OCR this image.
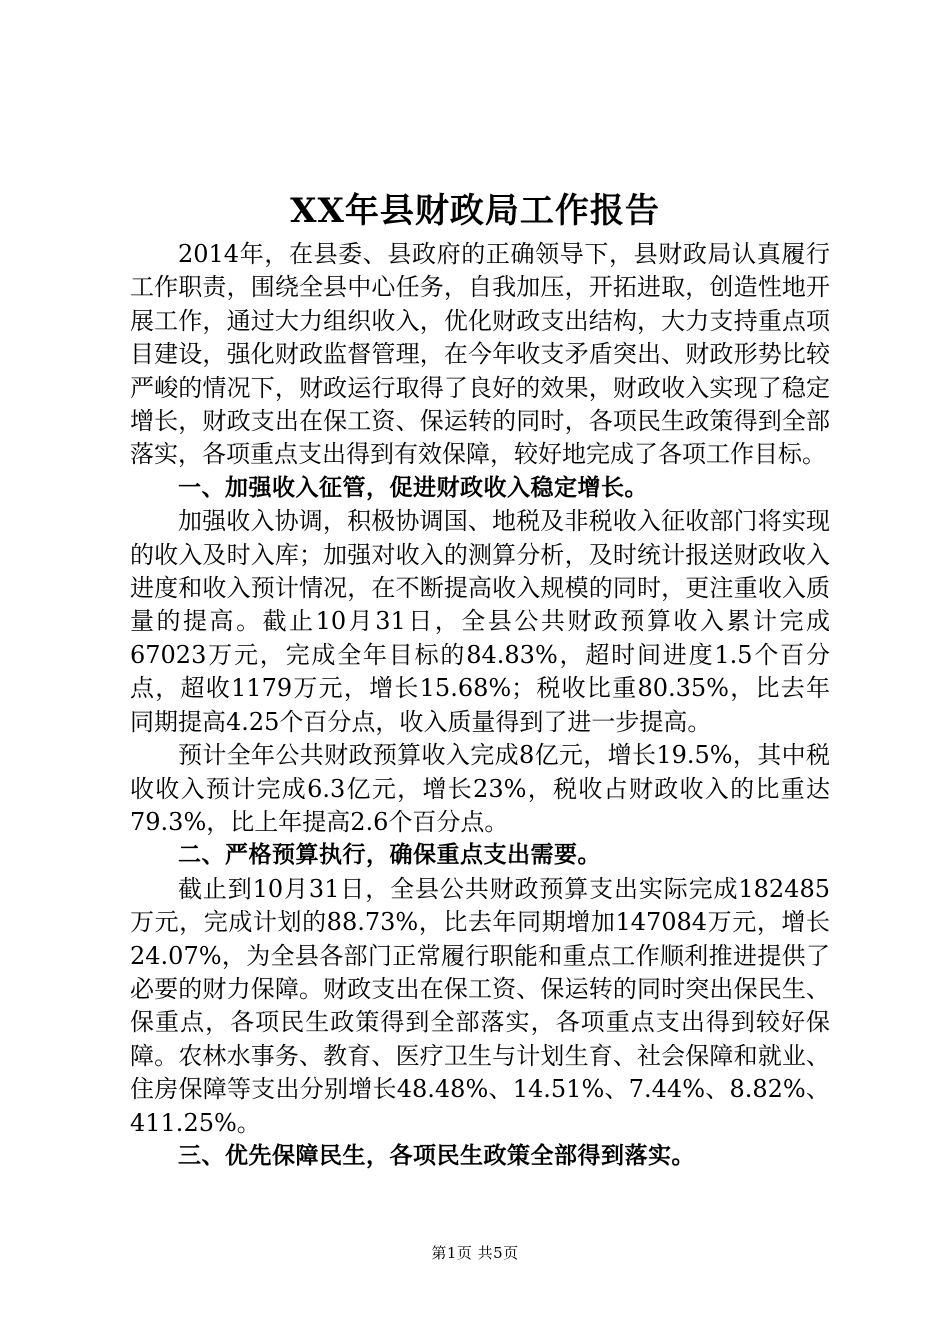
XX年县财政局工作报告

2014年，在县委、县政府的正确领导下，县财政局认真履行工作职责，围绕全县中心任务，自我加压，开拓进取，创造性地开展工作，通过大力组织收入，优化财政支出结构，大力支持重点项目建设，强化财政监督管理，在今年收支矛盾突出、财政形势比较严峻的情况下，财政运行取得了良好的效果，财政收入实现了稳定增长，财政支出在保工资、保运转的同时，各项民生政策得到全部落实，各项重点支出得到有效保障，较好地完成了各项工作目标。

一、加强收入征管，促进财政收入稳定增长。

加强收入协调，积极协调国、地税及非税收入征收部门将实现的收入及时入库；加强对收入的测算分析，及时统计报送财政收入进度和收入预计情况，在不断提高收入规模的同时，更注重收入质量的提高。截止10月31日，全县公共财政预算收入累计完成67023万元，完成全年目标的84.83%，超时间进度1.5个百分点，超收1179万元，增长15.68%；税收比重80.35%，比去年同期提高4.25个百分点，收入质量得到了进一步提高。

预计全年公共财政预算收入完成8亿元，增长19.5%，其中税收收入预计完成6.3亿元，增长23%，税收占财政收入的比重达79.3%，比上年提高2.6个百分点。

二、严格预算执行，确保重点支出需要。

截止到10月31日，全县公共财政预算支出实际完成182485万元，完成计划的88.73%，比去年同期增加147084万元，增长24.07%，为全县各部门正常履行职能和重点工作顺利推进提供了必要的财力保障。财政支出在保工资、保运转的同时突出保民生、保重点，各项民生政策得到全部落实，各项重点支出得到较好保障。农林水事务、教育、医疗卫生与计划生育、社会保障和就业、住房保障等支出分别增长48.48%、14.51%、7.44%、8.82%、411.25%。

三、优先保障民生，各项民生政策全部得到落实。

第1页 共5页
